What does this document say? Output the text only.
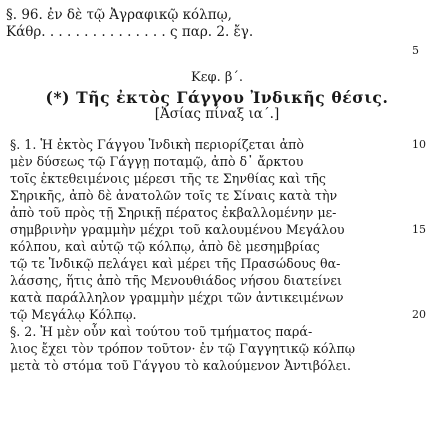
§. 96. ἐν δὲ τῷ Ἀγραφικῷ κόλπῳ,
Κάθρ. . . . . . . . . . . . . . . ς παρ. 2. ἔγ.
Κεφ. β΄.
(*) Τῆς ἐκτὸς Γάγγου Ἰνδικῆς θέσις.
[Ἀσίας πίναξ ια΄.]
§. 1. Ἡ ἐκτὸς Γάγγου Ἰνδικὴ περιορίζεται ἀπὸ
μὲν δύσεως τῷ Γάγγῃ ποταμῷ, ἀπὸ δ᾽ ἄρκτου
τοῖς ἐκτεθειμένοις μέρεσι τῆς τε Σηνθίας καὶ τῆς
Σηρικῆς, ἀπὸ δὲ ἀνατολῶν τοῖς τε Σίναις κατὰ τὴν
ἀπὸ τοῦ πρὸς τῇ Σηρικῇ πέρατος ἐκβαλλομένην με-
σημβρινὴν γραμμὴν μέχρι τοῦ καλουμένου Μεγάλου
κόλπου, καὶ αὐτῷ τῷ κόλπῳ, ἀπὸ δὲ μεσημβρίας
τῷ τε Ἰνδικῷ πελάγει καὶ μέρει τῆς Πρασώδους θα-
λάσσης, ἥτις ἀπὸ τῆς Μενουθιάδος νήσου διατείνει
κατὰ παράλληλον γραμμὴν μέχρι τῶν ἀντικειμένων
τῷ Μεγάλῳ Κόλπῳ.
§. 2. Ἡ μὲν οὖν καὶ τούτου τοῦ τμήματος παρά-
λιος ἔχει τὸν τρόπον τοῦτον· ἐν τῷ Γαγγητικῷ κόλπῳ
μετὰ τὸ στόμα τοῦ Γάγγου τὸ καλούμενον Ἀντιβόλει.
5
10
15
20
